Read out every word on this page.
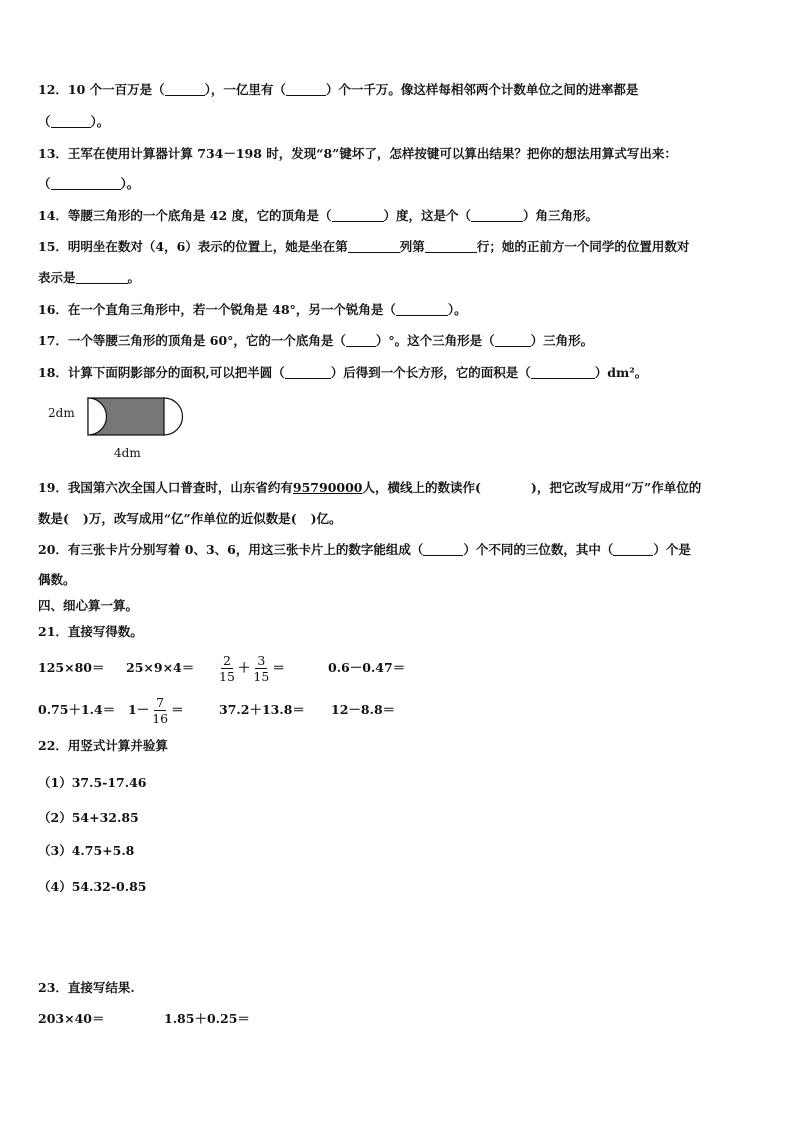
12．10 个一百万是（	），一亿里有（	）个一千万。像这样每相邻两个计数单位之间的进率都是
（	）。
13．王军在使用计算器计算 734－198 时，发现“8”键坏了，怎样按键可以算出结果？把你的想法用算式写出来：
（	）。
14．等腰三角形的一个底角是 42 度，它的顶角是（	）度，这是个（	）角三角形。
15．明明坐在数对（4，6）表示的位置上，她是坐在第	列第	行；她的正前方一个同学的位置用数对
表示是	。
16．在一个直角三角形中，若一个锐角是 48°，另一个锐角是（	）。
17．一个等腰三角形的顶角是 60°，它的一个底角是（ ）°。这个三角形是（	）三角形。
18．计算下面阴影部分的面积,可以把半圆（	）后得到一个长方形，它的面积是（	）dm²。
2dm
4dm
19．我国第六次全国人口普查时，山东省约有95790000人，横线上的数读作(	)，把它改写成用“万”作单位的
数是( )万，改写成用“亿”作单位的近似数是( )亿。
20．有三张卡片分别写着 0、3、6，用这三张卡片上的数字能组成（	）个不同的三位数，其中（	）个是
偶数。
四、细心算一算。
21．直接写得数。
$125\times 80= 25\times 9\times 4= \frac{2}{15} + \frac{3}{15}$ ＝	0.6－0.47＝
$0.75+1.4= 1- \frac{7}{16}$ ＝	37.2＋13.8＝ 12－8.8＝
22．用竖式计算并验算
（1）37.5-17.46
（2）54+32.85
（3）4.75+5.8
（4）54.32-0.85
23．直接写结果.
203×40＝	1.85＋0.25＝
